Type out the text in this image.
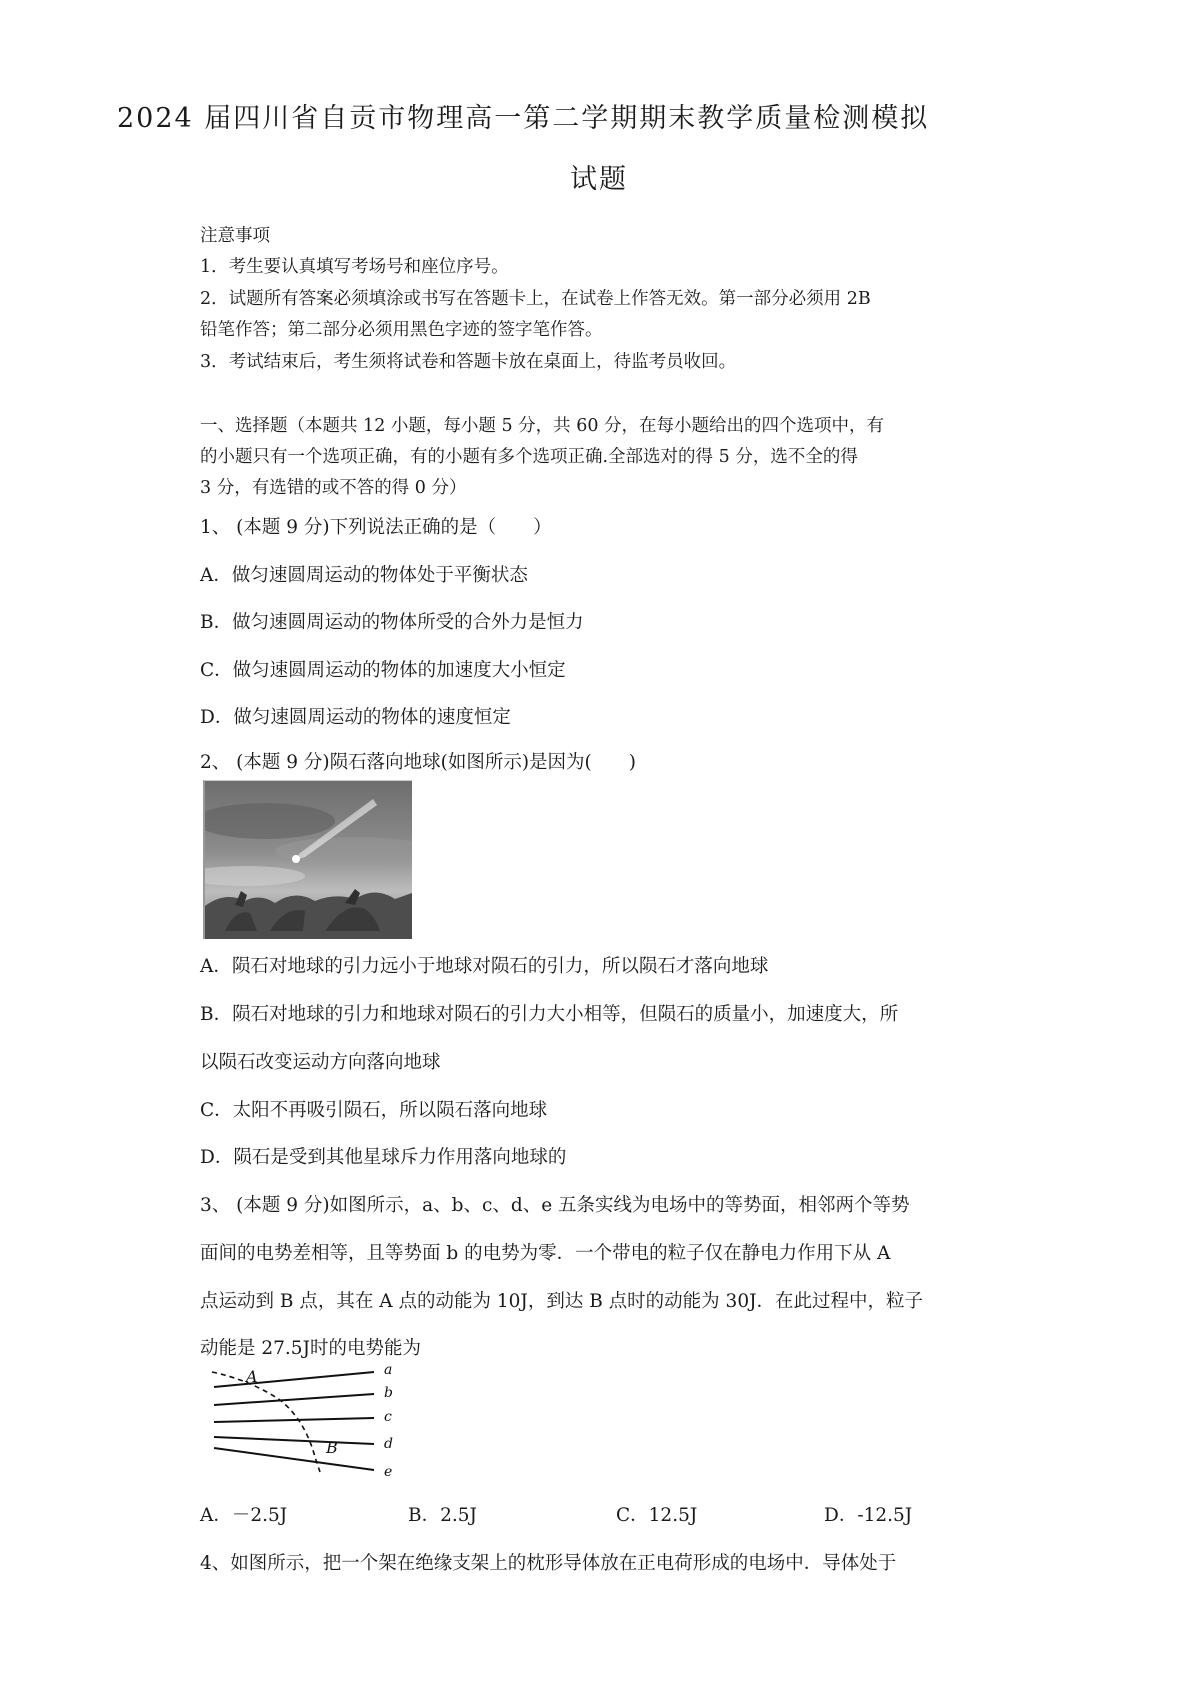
2024 届四川省自贡市物理高一第二学期期末教学质量检测模拟
试题
注意事项
1．考生要认真填写考场号和座位序号。
2．试题所有答案必须填涂或书写在答题卡上，在试卷上作答无效。第一部分必须用 2B
铅笔作答；第二部分必须用黑色字迹的签字笔作答。
3．考试结束后，考生须将试卷和答题卡放在桌面上，待监考员收回。
一、选择题（本题共 12 小题，每小题 5 分，共 60 分，在每小题给出的四个选项中，有
的小题只有一个选项正确，有的小题有多个选项正确.全部选对的得 5 分，选不全的得
3 分，有选错的或不答的得 0 分）
1、 (本题 9 分)下列说法正确的是（　　）
A．做匀速圆周运动的物体处于平衡状态
B．做匀速圆周运动的物体所受的合外力是恒力
C．做匀速圆周运动的物体的加速度大小恒定
D．做匀速圆周运动的物体的速度恒定
2、 (本题 9 分)陨石落向地球(如图所示)是因为(　　)
A．陨石对地球的引力远小于地球对陨石的引力，所以陨石才落向地球
B．陨石对地球的引力和地球对陨石的引力大小相等，但陨石的质量小，加速度大，所
以陨石改变运动方向落向地球
C．太阳不再吸引陨石，所以陨石落向地球
D．陨石是受到其他星球斥力作用落向地球的
3、 (本题 9 分)如图所示，a、b、c、d、e 五条实线为电场中的等势面，相邻两个等势
面间的电势差相等，且等势面 b 的电势为零．一个带电的粒子仅在静电力作用下从 A
点运动到 B 点，其在 A 点的动能为 10J，到达 B 点时的动能为 30J．在此过程中，粒子
动能是 27.5J时的电势能为
A
B
a
b
c
d
e
A．－2.5J	B．2.5J	C．12.5J	D．-12.5J
4、如图所示，把一个架在绝缘支架上的枕形导体放在正电荷形成的电场中．导体处于
